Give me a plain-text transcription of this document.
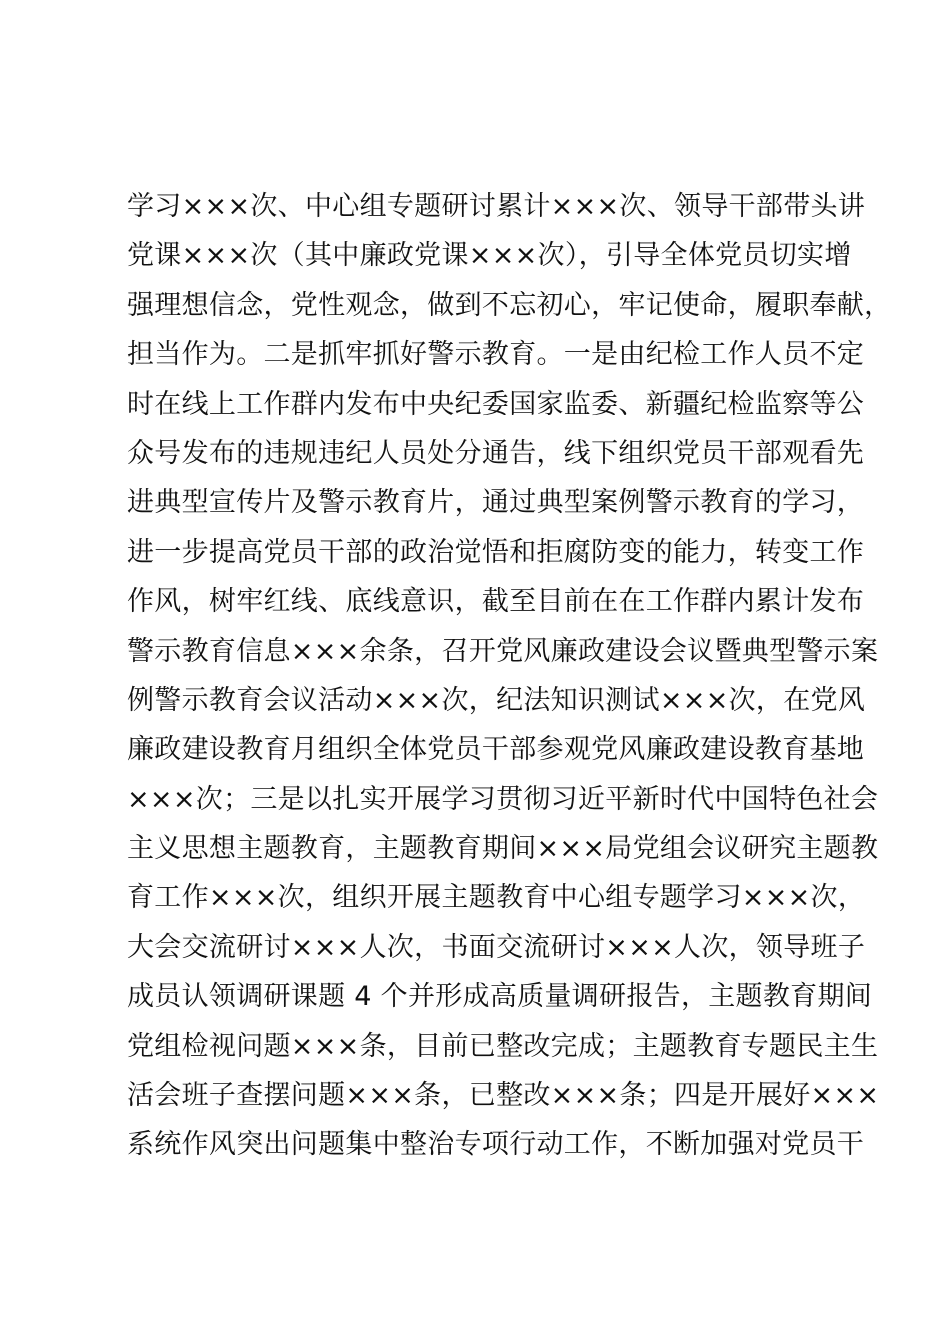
学习×××次、中心组专题研讨累计×××次、领导干部带头讲
党课×××次（其中廉政党课×××次），引导全体党员切实增
强理想信念，党性观念，做到不忘初心，牢记使命，履职奉献，
担当作为。二是抓牢抓好警示教育。一是由纪检工作人员不定
时在线上工作群内发布中央纪委国家监委、新疆纪检监察等公
众号发布的违规违纪人员处分通告，线下组织党员干部观看先
进典型宣传片及警示教育片，通过典型案例警示教育的学习，
进一步提高党员干部的政治觉悟和拒腐防变的能力，转变工作
作风，树牢红线、底线意识，截至目前在在工作群内累计发布
警示教育信息×××余条，召开党风廉政建设会议暨典型警示案
例警示教育会议活动×××次，纪法知识测试×××次，在党风
廉政建设教育月组织全体党员干部参观党风廉政建设教育基地
×××次；三是以扎实开展学习贯彻习近平新时代中国特色社会
主义思想主题教育，主题教育期间×××局党组会议研究主题教
育工作×××次，组织开展主题教育中心组专题学习×××次，
大会交流研讨×××人次，书面交流研讨×××人次，领导班子
成员认领调研课题 4 个并形成高质量调研报告，主题教育期间
党组检视问题×××条，目前已整改完成；主题教育专题民主生
活会班子查摆问题×××条，已整改×××条；四是开展好×××
系统作风突出问题集中整治专项行动工作，不断加强对党员干
